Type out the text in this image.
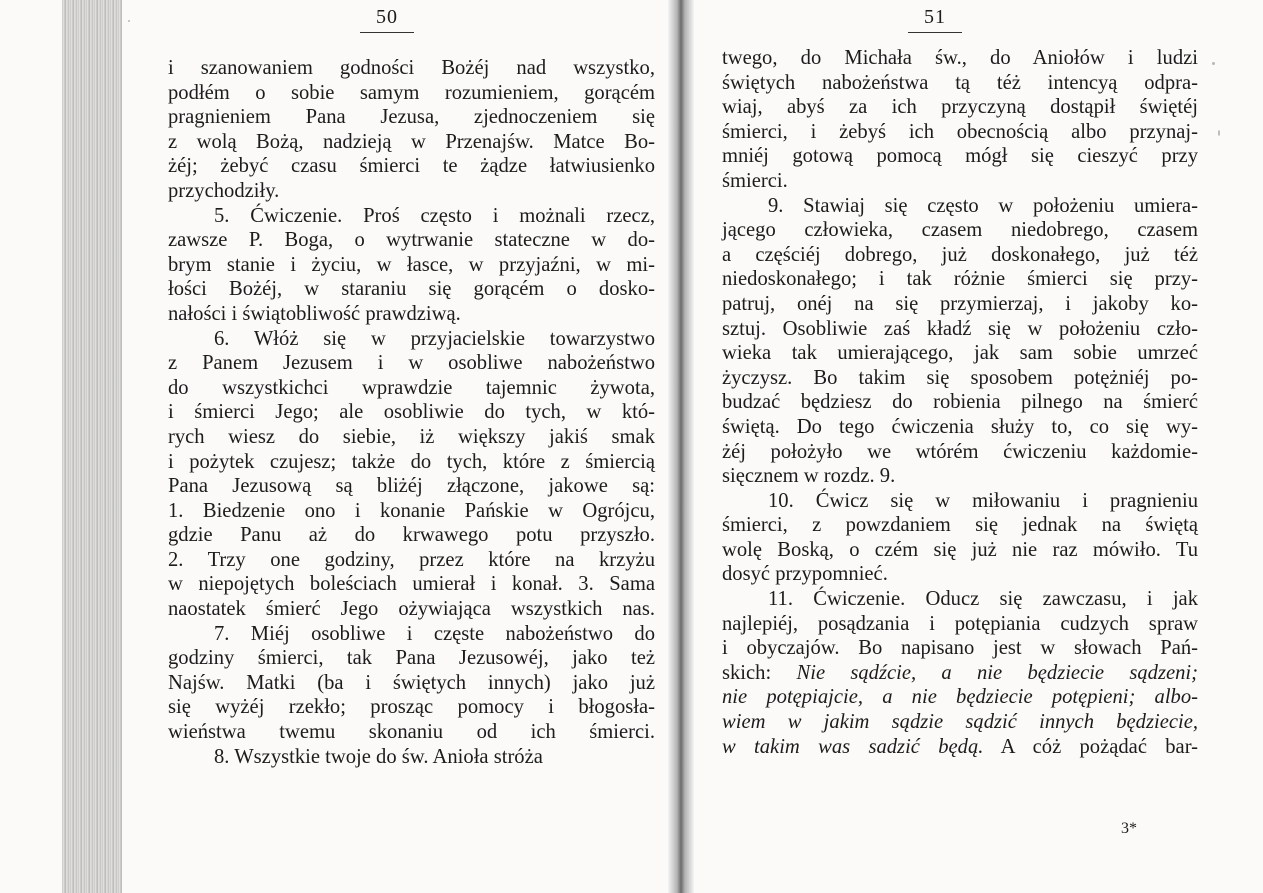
50	51
i szanowaniem godności Bożéj nad wszystko,
podłém o sobie samym rozumieniem, gorącém
pragnieniem Pana Jezusa, zjednoczeniem się
z wolą Bożą, nadzieją w Przenajśw. Matce Bo-
żéj; żebyć czasu śmierci te żądze łatwiusienko
przychodziły.
5. Ćwiczenie. Proś często i możnali rzecz,
zawsze P. Boga, o wytrwanie stateczne w do-
brym stanie i życiu, w łasce, w przyjaźni, w mi-
łości Bożéj, w staraniu się gorącém o dosko-
nałości i świątobliwość prawdziwą.
6. Włóż się w przyjacielskie towarzystwo
z Panem Jezusem i w osobliwe nabożeństwo
do wszystkichci wprawdzie tajemnic żywota,
i śmierci Jego; ale osobliwie do tych, w któ-
rych wiesz do siebie, iż większy jakiś smak
i pożytek czujesz; także do tych, które z śmiercią
Pana Jezusową są bliżéj złączone, jakowe są:
1. Biedzenie ono i konanie Pańskie w Ogrójcu,
gdzie Panu aż do krwawego potu przyszło.
2. Trzy one godziny, przez które na krzyżu
w niepojętych boleściach umierał i konał. 3. Sama
naostatek śmierć Jego ożywiająca wszystkich nas.
7. Miéj osobliwe i częste nabożeństwo do
godziny śmierci, tak Pana Jezusowéj, jako też
Najśw. Matki (ba i świętych innych) jako już
się wyżéj rzekło; prosząc pomocy i błogosła-
wieństwa twemu skonaniu od ich śmierci.
8. Wszystkie twoje do św. Anioła stróża
twego, do Michała św., do Aniołów i ludzi
świętych nabożeństwa tą téż intencyą odpra-
wiaj, abyś za ich przyczyną dostąpił świętéj
śmierci, i żebyś ich obecnością albo przynaj-
mniéj gotową pomocą mógł się cieszyć przy
śmierci.
9. Stawiaj się często w położeniu umiera-
jącego człowieka, czasem niedobrego, czasem
a częściéj dobrego, już doskonałego, już téż
niedoskonałego; i tak różnie śmierci się przy-
patruj, onéj na się przymierzaj, i jakoby ko-
sztuj. Osobliwie zaś kładź się w położeniu czło-
wieka tak umierającego, jak sam sobie umrzeć
życzysz. Bo takim się sposobem potężniéj po-
budzać będziesz do robienia pilnego na śmierć
świętą. Do tego ćwiczenia służy to, co się wy-
żéj położyło we wtórém ćwiczeniu każdomie-
sięcznem w rozdz. 9.
10. Ćwicz się w miłowaniu i pragnieniu
śmierci, z powzdaniem się jednak na świętą
wolę Boską, o czém się już nie raz mówiło. Tu
dosyć przypomnieć.
11. Ćwiczenie. Oducz się zawczasu, i jak
najlepiéj, posądzania i potępiania cudzych spraw
i obyczajów. Bo napisano jest w słowach Pań-
skich: Nie sądźcie, a nie będziecie sądzeni;
nie potępiajcie, a nie będziecie potępieni; albo-
wiem w jakim sądzie sądzić innych będziecie,
w takim was sadzić będą. A cóż pożądać bar-
3*
